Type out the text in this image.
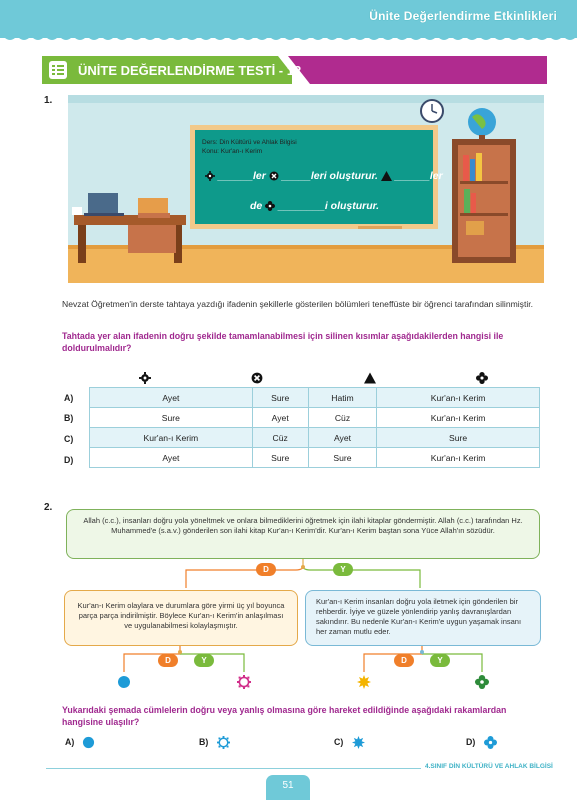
Ünite Değerlendirme Etkinlikleri
ÜNİTE DEĞERLENDİRME TESTİ - 12
1.
Ders: Din Kültürü ve Ahlak Bilgisi
Konu: Kur'an-ı Kerim
______ler _____leri oluşturur. ______ler
de ________i oluşturur.
Nevzat Öğretmen'in derste tahtaya yazdığı ifadenin şekillerle gösterilen bölümleri teneffüste bir öğrenci tarafından silinmiştir.
Tahtada yer alan ifadenin doğru şekilde tamamlanabilmesi için silinen kısımlar aşağıdakilerden hangisi ile doldurulmalıdır?
A)
B)
C)
D)
Ayet	Sure	Hatim	Kur'an-ı Kerim
Sure	Ayet	Cüz	Kur'an-ı Kerim
Kur'an-ı Kerim	Cüz	Ayet	Sure
Ayet	Sure	Sure	Kur'an-ı Kerim
2.
Allah (c.c.), insanları doğru yola yöneltmek ve onlara bilmediklerini öğretmek için ilahi kitaplar göndermiştir. Allah (c.c.) tarafından Hz. Muhammed'e (s.a.v.) gönderilen son ilahi kitap Kur'an-ı Kerim'dir. Kur'an-ı Kerim baştan sona Yüce Allah'ın sözüdür.
D	Y
Kur'an-ı Kerim olaylara ve durumlara göre yirmi üç yıl boyunca parça parça indirilmiştir. Böylece Kur'an-ı Kerim'in anlaşılması ve uygulanabilmesi kolaylaşmıştır.
Kur'an-ı Kerim insanları doğru yola iletmek için gönderilen bir rehberdir. İyiye ve güzele yönlendirip yanlış davranışlardan sakındırır. Bu nedenle Kur'an-ı Kerim'e uygun yaşamak insanı her zaman mutlu eder.
D	Y	D	Y
Yukarıdaki şemada cümlelerin doğru veya yanlış olmasına göre hareket edildiğinde aşağıdaki rakamlardan hangisine ulaşılır?
A)	B)	C)	D)
4.SINIF DİN KÜLTÜRÜ VE AHLAK BİLGİSİ
51
